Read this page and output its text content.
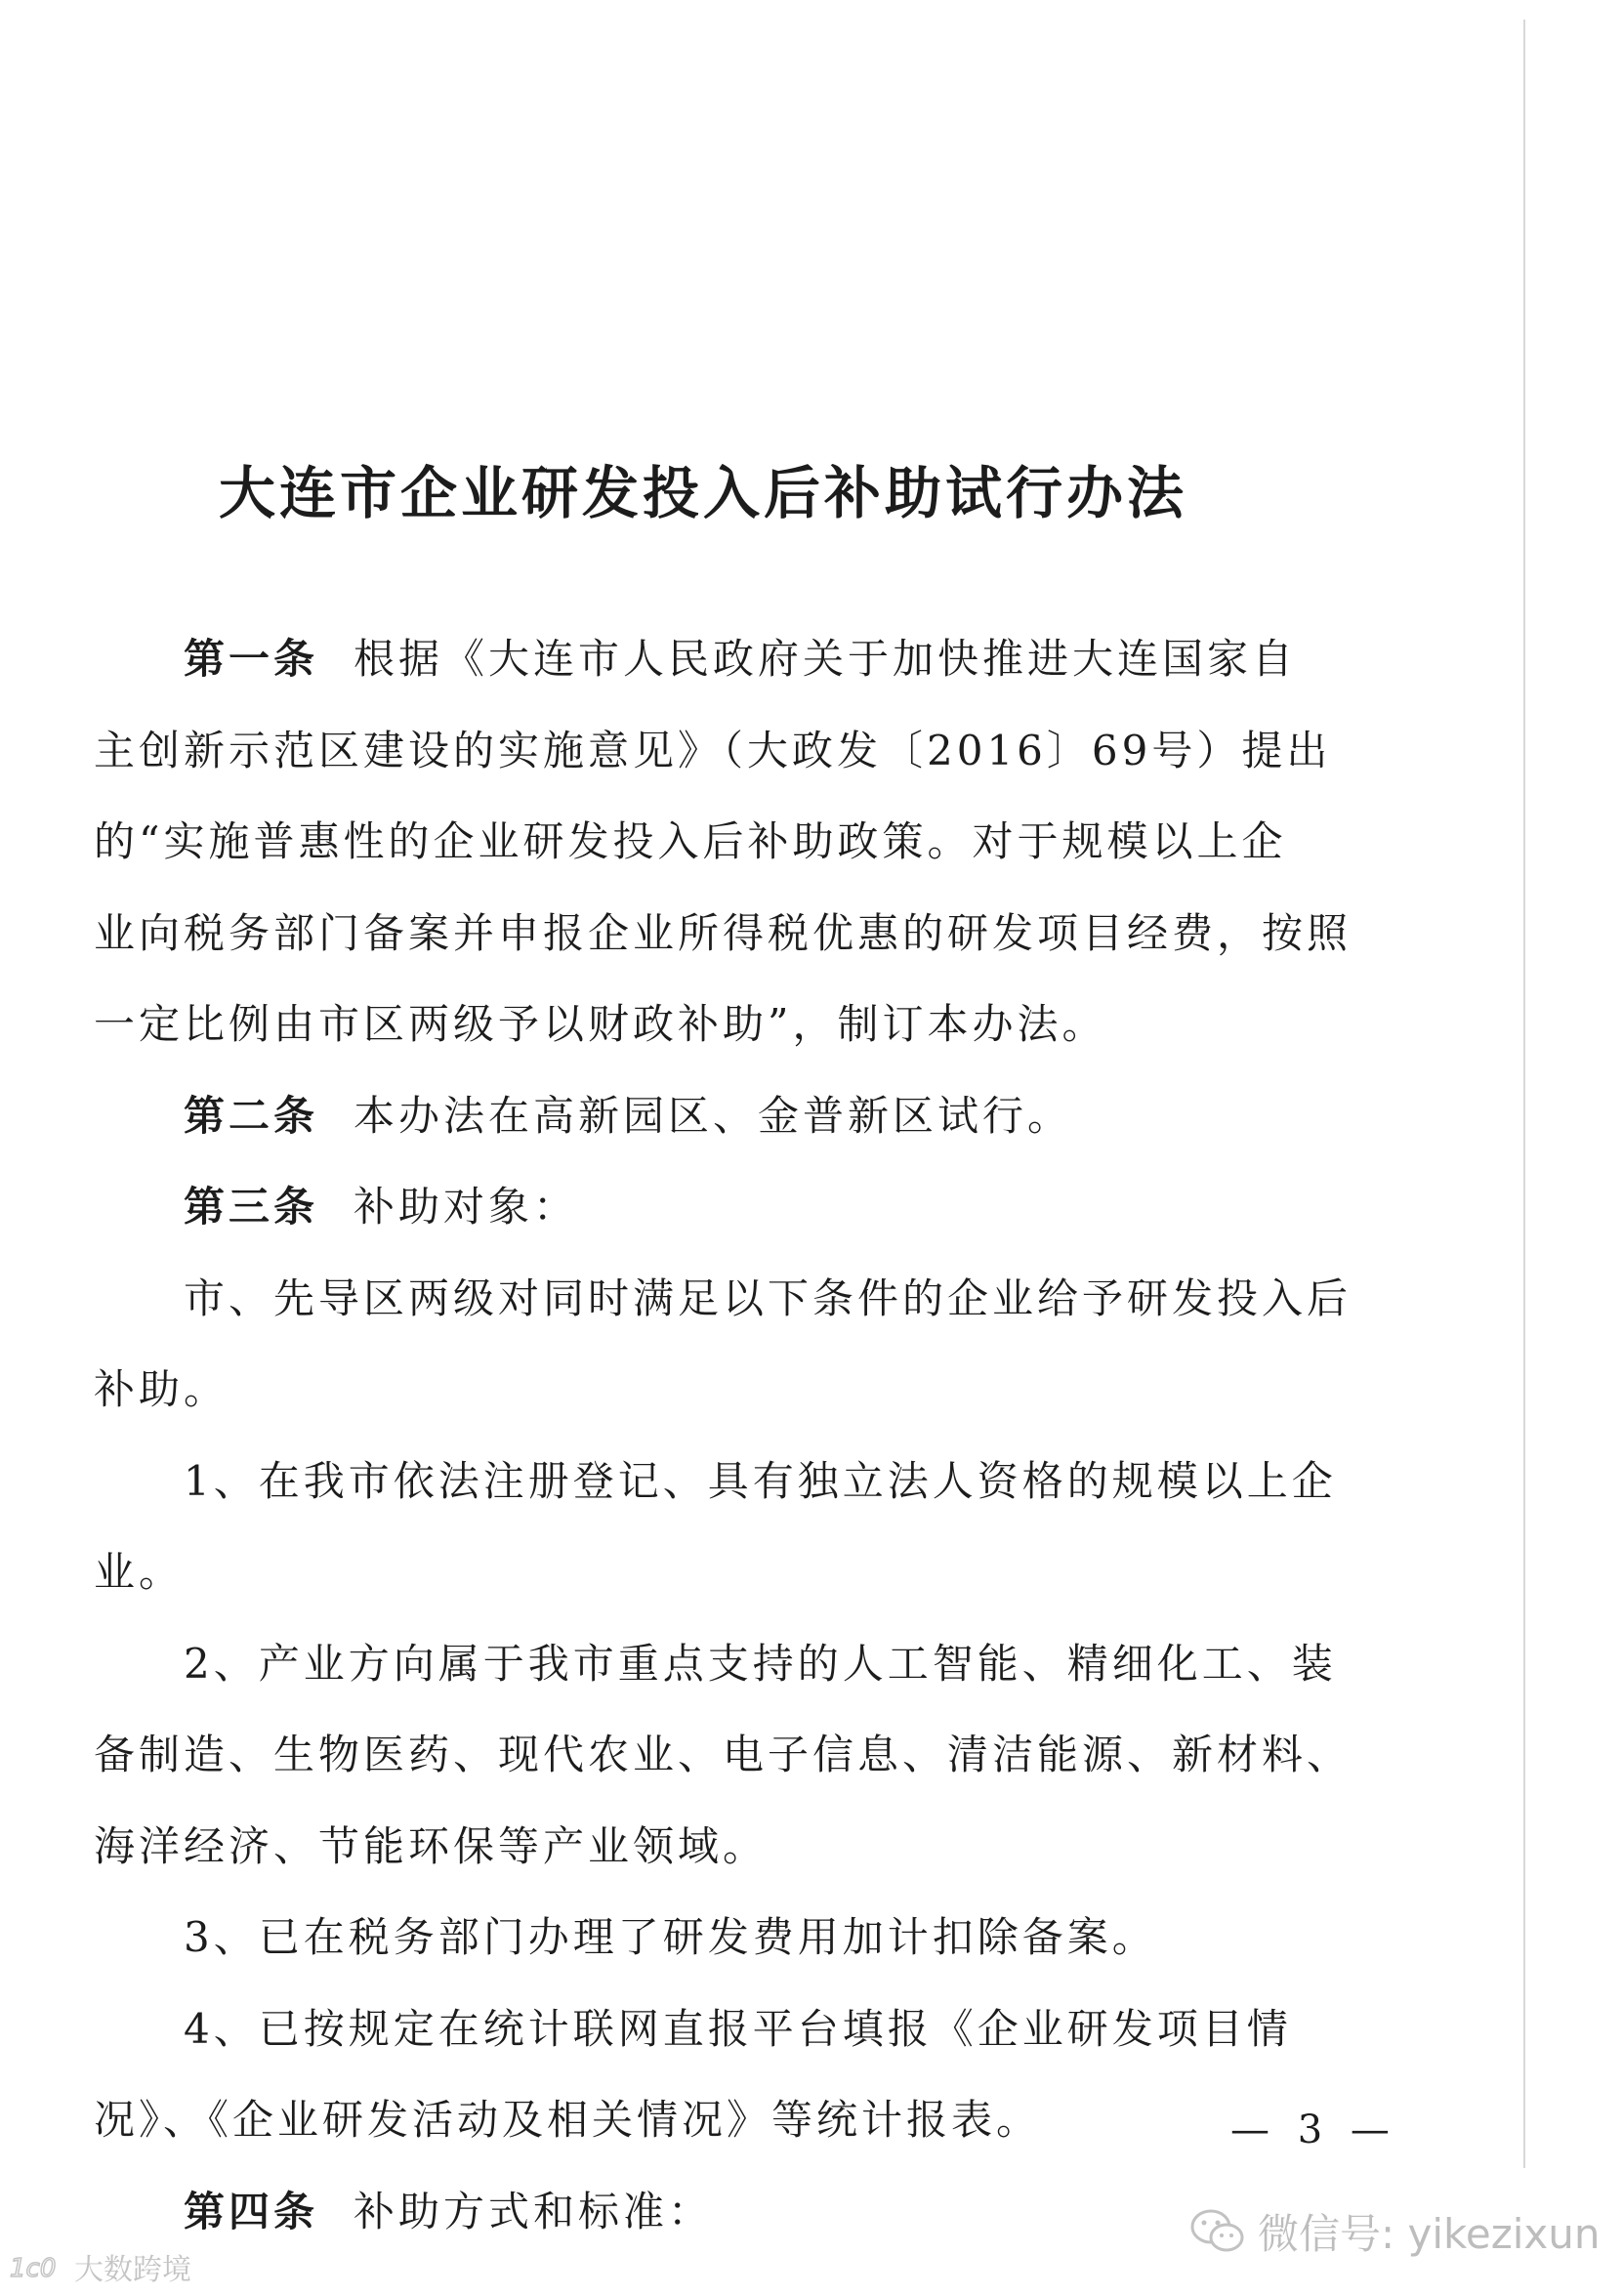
大连市企业研发投入后补助试行办法
第一条 根据《大连市人民政府关于加快推进大连国家自
主创新示范区建设的实施意见》（大政发〔2016〕69号）提出
的“实施普惠性的企业研发投入后补助政策。对于规模以上企
业向税务部门备案并申报企业所得税优惠的研发项目经费，按照
一定比例由市区两级予以财政补助”，制订本办法。
第二条 本办法在高新园区、金普新区试行。
第三条 补助对象：
市、先导区两级对同时满足以下条件的企业给予研发投入后
补助。
1、在我市依法注册登记、具有独立法人资格的规模以上企
业。
2、产业方向属于我市重点支持的人工智能、精细化工、装
备制造、生物医药、现代农业、电子信息、清洁能源、新材料、
海洋经济、节能环保等产业领域。
3、已在税务部门办理了研发费用加计扣除备案。
4、已按规定在统计联网直报平台填报《企业研发项目情
况》、《企业研发活动及相关情况》等统计报表。
第四条 补助方式和标准：
— 3 —
微信号: yikezixun
1c0 大数跨境
